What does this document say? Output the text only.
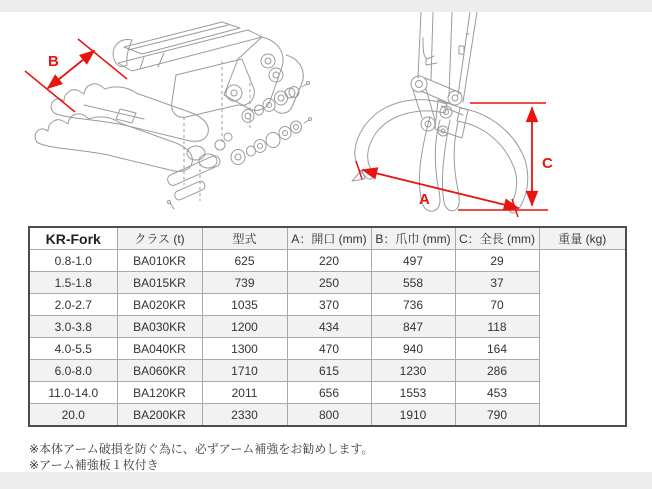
B
A
C
KR-Fork	クラス (t)	型式	A：開口 (mm)	B：爪巾 (mm)	C：全長 (mm)	重量 (kg)
0.8-1.0	BA010KR	625	220	497	29	
1.5-1.8	BA015KR	739	250	558	37	
2.0-2.7	BA020KR	1035	370	736	70	
3.0-3.8	BA030KR	1200	434	847	118	
4.0-5.5	BA040KR	1300	470	940	164	
6.0-8.0	BA060KR	1710	615	1230	286	
11.0-14.0	BA120KR	2011	656	1553	453	
20.0	BA200KR	2330	800	1910	790	
※本体アーム破損を防ぐ為に、必ずアーム補強をお勧めします。
※アーム補強板１枚付き
